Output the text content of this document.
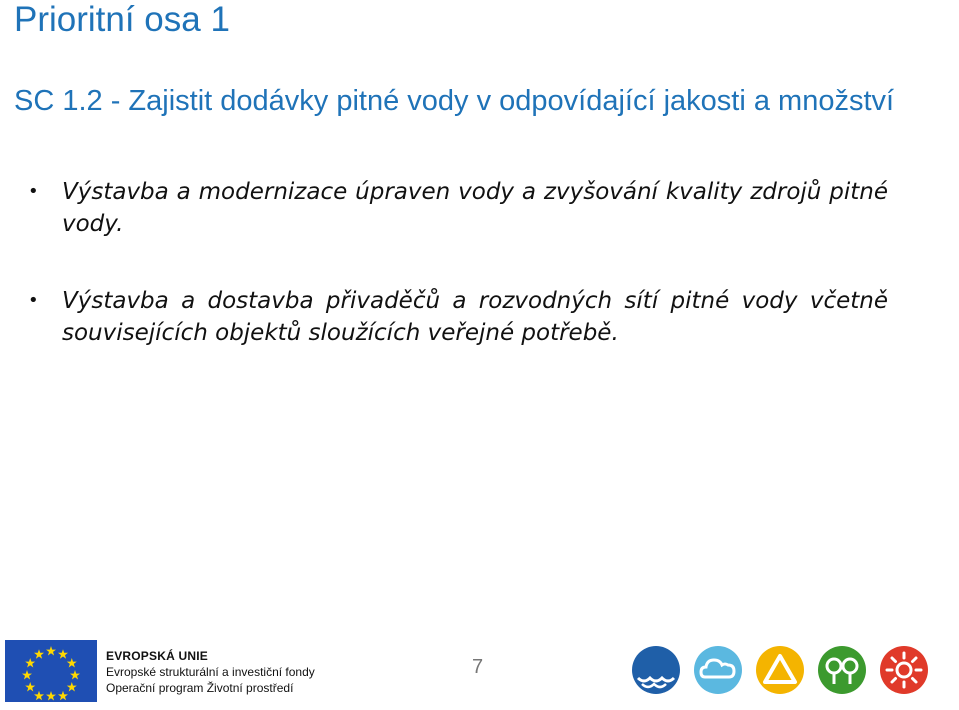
Prioritní osa 1
SC 1.2 - Zajistit dodávky pitné vody v odpovídající jakosti a množství
• Výstavba a modernizace úpraven vody a zvyšování kvality zdrojů pitné vody.
• Výstavba a dostavba přivaděčů a rozvodných sítí pitné vody včetně souvisejících objektů sloužících veřejné potřebě.
EVROPSKÁ UNIE
Evropské strukturální a investiční fondy
Operační program Životní prostředí
7
